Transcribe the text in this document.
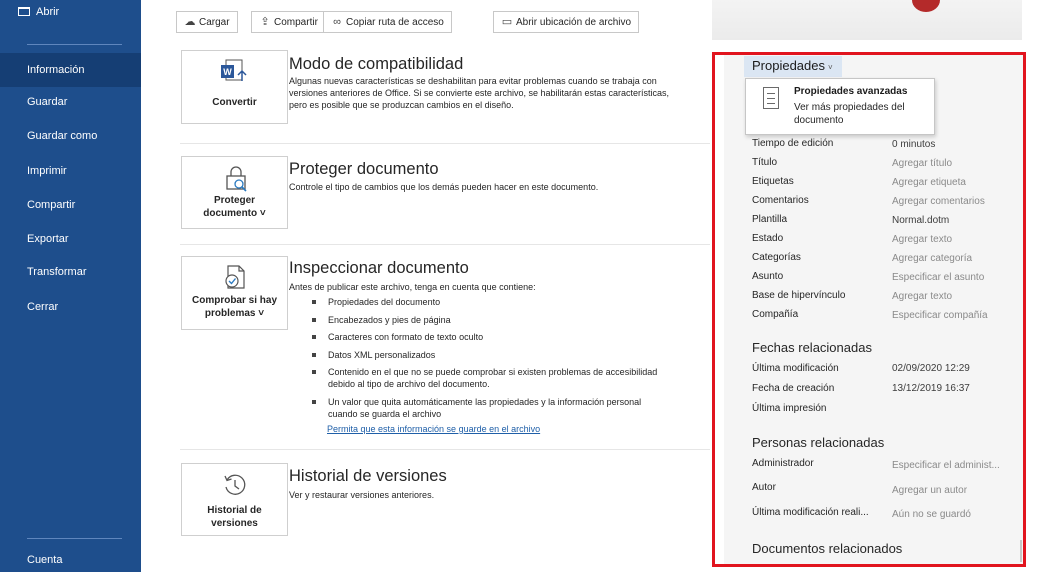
Abrir
Información
Guardar
Guardar como
Imprimir
Compartir
Exportar
Transformar
Cerrar
Cuenta
☁ Cargar	⇪ Compartir	∞ Copiar ruta de acceso	▭ Abrir ubicación de archivo
W
Convertir
Modo de compatibilidad
Algunas nuevas características se deshabilitan para evitar problemas cuando se trabaja con versiones anteriores de Office. Si se convierte este archivo, se habilitarán estas características, pero es posible que se produzcan cambios en el diseño.
Proteger
documento ˅
Proteger documento
Controle el tipo de cambios que los demás pueden hacer en este documento.
Comprobar si hay
problemas ˅
Inspeccionar documento
Antes de publicar este archivo, tenga en cuenta que contiene:
Propiedades del documento
Encabezados y pies de página
Caracteres con formato de texto oculto
Datos XML personalizados
Contenido en el que no se puede comprobar si existen problemas de accesibilidad debido al tipo de archivo del documento.
Un valor que quita automáticamente las propiedades y la información personal cuando se guarda el archivo
Permita que esta información se guarde en el archivo
Historial de
versiones
Historial de versiones
Ver y restaurar versiones anteriores.
Propiedades ˅
Propiedades avanzadas
Ver más propiedades del documento
Tiempo de edición	0 minutos
Título	Agregar título
Etiquetas	Agregar etiqueta
Comentarios	Agregar comentarios
Plantilla	Normal.dotm
Estado	Agregar texto
Categorías	Agregar categoría
Asunto	Especificar el asunto
Base de hipervínculo	Agregar texto
Compañía	Especificar compañía
Fechas relacionadas
Última modificación	02/09/2020 12:29
Fecha de creación	13/12/2019 16:37
Última impresión
Personas relacionadas
Administrador	Especificar el administ...
Autor	Agregar un autor
Última modificación reali... Aún no se guardó
Documentos relacionados
